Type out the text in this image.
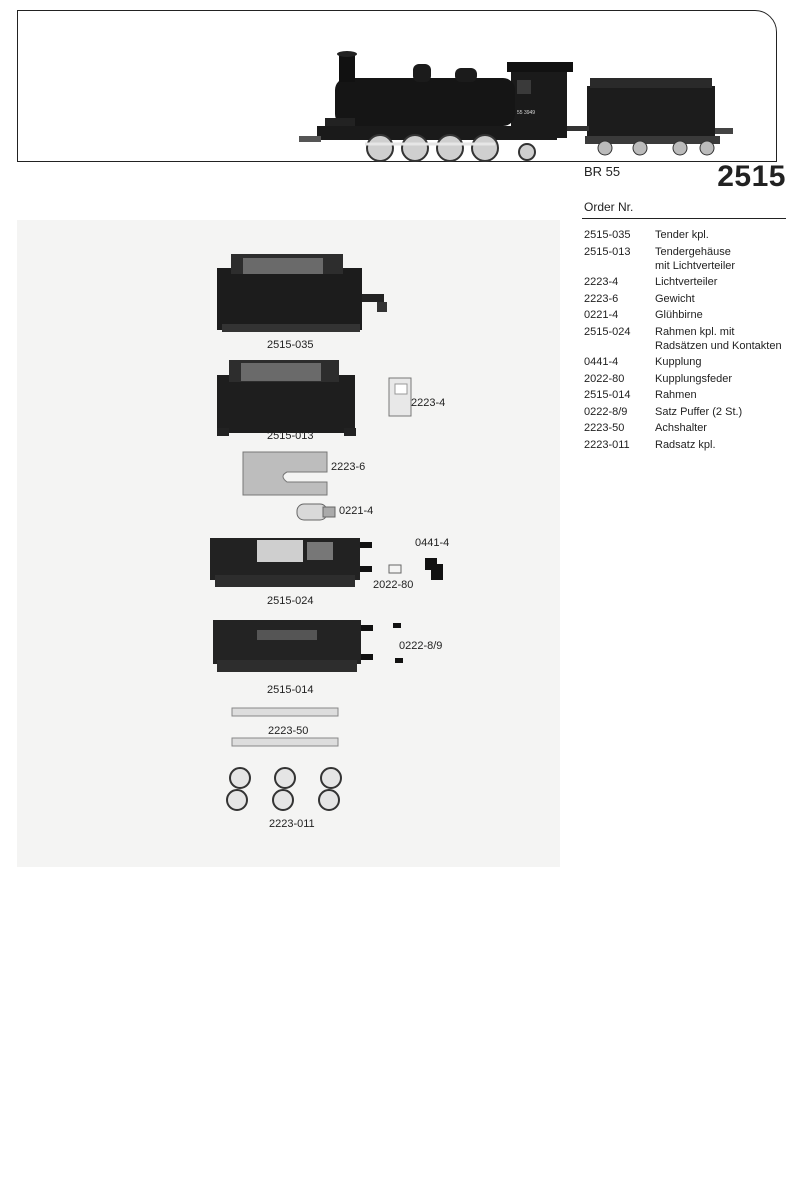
55 3949
BR 55	2515
Order Nr.
2515-035	Tender kpl.
2515-013	Tendergehäuse
mit Lichtverteiler
2223-4	Lichtverteiler
2223-6	Gewicht
0221-4	Glühbirne
2515-024	Rahmen kpl. mit
Radsätzen und Kontakten
0441-4	Kupplung
2022-80	Kupplungsfeder
2515-014	Rahmen
0222-8/9	Satz Puffer (2 St.)
2223-50	Achshalter
2223-011	Radsatz kpl.
2515-035
2515-013
2223-4
2223-6
0221-4
0441-4
2022-80
2515-024
0222-8/9
2515-014
2223-50
2223-011
